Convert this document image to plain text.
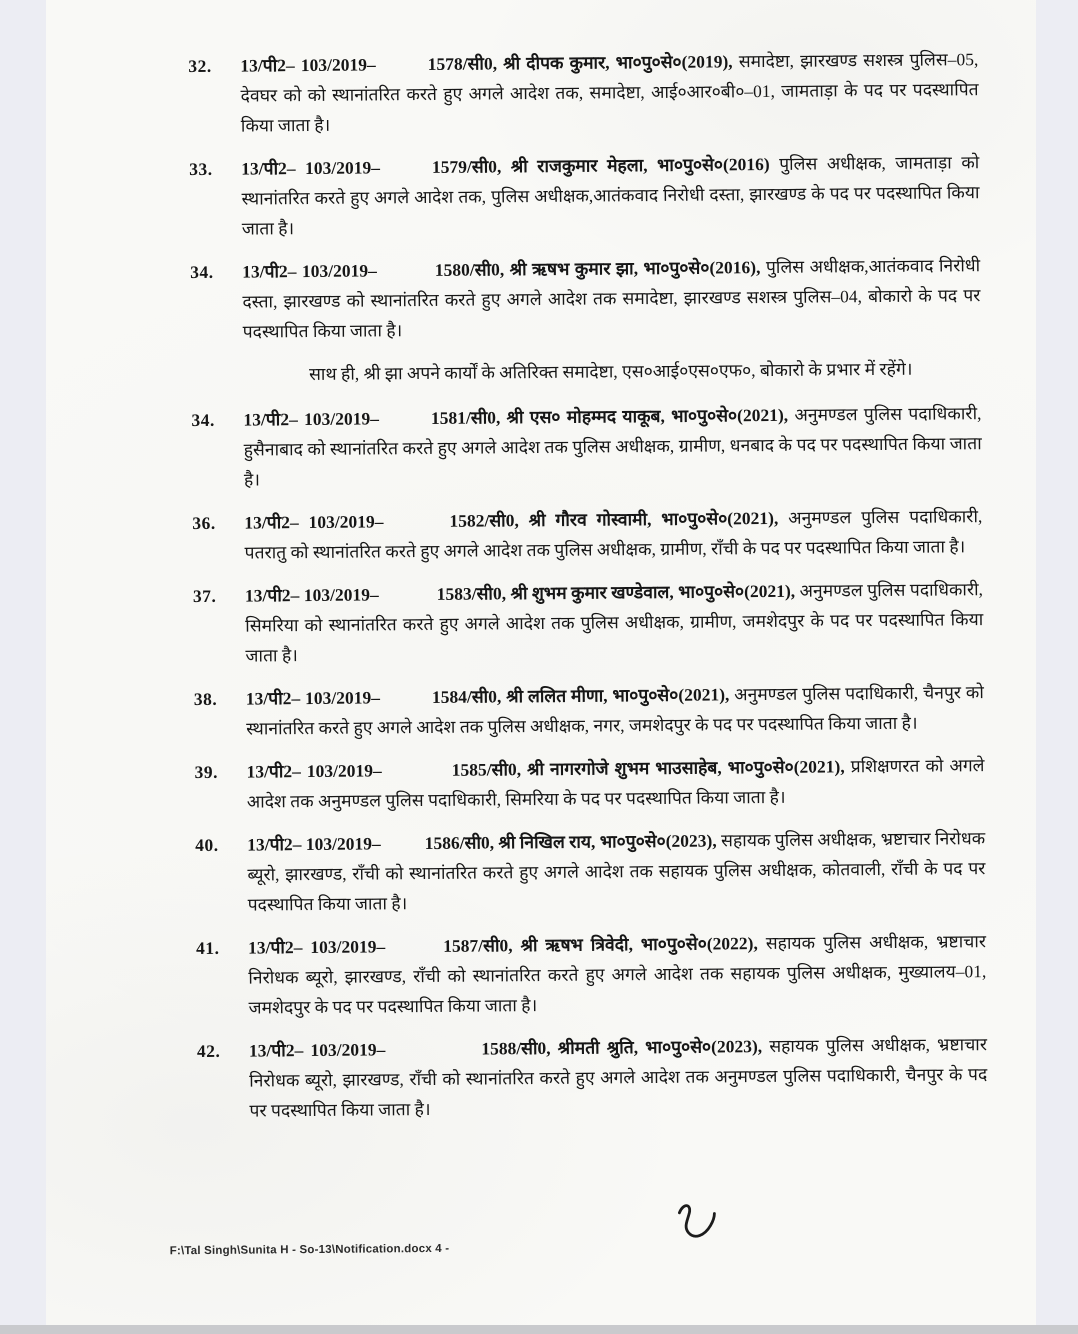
32.	13/पी2– 103/2019–	1578/सी0, श्री दीपक कुमार, भा०पु०से०(2019), समादेष्टा, झारखण्ड सशस्त्र पुलिस–05, देवघर को को स्थानांतरित करते हुए अगले आदेश तक, समादेष्टा, आई०आर०बी०–01, जामताड़ा के पद पर पदस्थापित किया जाता है।
33.	13/पी2– 103/2019–	1579/सी0, श्री राजकुमार मेहला, भा०पु०से०(2016) पुलिस अधीक्षक, जामताड़ा को स्थानांतरित करते हुए अगले आदेश तक, पुलिस अधीक्षक,आतंकवाद निरोधी दस्ता, झारखण्ड के पद पर पदस्थापित किया जाता है।
34.	13/पी2– 103/2019–	1580/सी0, श्री ऋषभ कुमार झा, भा०पु०से०(2016), पुलिस अधीक्षक,आतंकवाद निरोधी दस्ता, झारखण्ड को स्थानांतरित करते हुए अगले आदेश तक समादेष्टा, झारखण्ड सशस्त्र पुलिस–04, बोकारो के पद पर पदस्थापित किया जाता है।
साथ ही, श्री झा अपने कार्यों के अतिरिक्त समादेष्टा, एस०आई०एस०एफ०, बोकारो के प्रभार में रहेंगे।
34.	13/पी2– 103/2019–	1581/सी0, श्री एस० मोहम्मद याकूब, भा०पु०से०(2021), अनुमण्डल पुलिस पदाधिकारी, हुसैनाबाद को स्थानांतरित करते हुए अगले आदेश तक पुलिस अधीक्षक, ग्रामीण, धनबाद के पद पर पदस्थापित किया जाता है।
36.	13/पी2– 103/2019–	1582/सी0, श्री गौरव गोस्वामी, भा०पु०से०(2021), अनुमण्डल पुलिस पदाधिकारी, पतरातु को स्थानांतरित करते हुए अगले आदेश तक पुलिस अधीक्षक, ग्रामीण, राँची के पद पर पदस्थापित किया जाता है।
37.	13/पी2– 103/2019–	1583/सी0, श्री शुभम कुमार खण्डेवाल, भा०पु०से०(2021), अनुमण्डल पुलिस पदाधिकारी, सिमरिया को स्थानांतरित करते हुए अगले आदेश तक पुलिस अधीक्षक, ग्रामीण, जमशेदपुर के पद पर पदस्थापित किया जाता है।
38.	13/पी2– 103/2019–	1584/सी0, श्री ललित मीणा, भा०पु०से०(2021), अनुमण्डल पुलिस पदाधिकारी, चैनपुर को स्थानांतरित करते हुए अगले आदेश तक पुलिस अधीक्षक, नगर, जमशेदपुर के पद पर पदस्थापित किया जाता है।
39.	13/पी2– 103/2019–	1585/सी0, श्री नागरगोजे शुभम भाउसाहेब, भा०पु०से०(2021), प्रशिक्षणरत को अगले आदेश तक अनुमण्डल पुलिस पदाधिकारी, सिमरिया के पद पर पदस्थापित किया जाता है।
40.	13/पी2– 103/2019–	1586/सी0, श्री निखिल राय, भा०पु०से०(2023), सहायक पुलिस अधीक्षक, भ्रष्टाचार निरोधक ब्यूरो, झारखण्ड, राँची को स्थानांतरित करते हुए अगले आदेश तक सहायक पुलिस अधीक्षक, कोतवाली, राँची के पद पर पदस्थापित किया जाता है।
41.	13/पी2– 103/2019–	1587/सी0, श्री ऋषभ त्रिवेदी, भा०पु०से०(2022), सहायक पुलिस अधीक्षक, भ्रष्टाचार निरोधक ब्यूरो, झारखण्ड, राँची को स्थानांतरित करते हुए अगले आदेश तक सहायक पुलिस अधीक्षक, मुख्यालय–01, जमशेदपुर के पद पर पदस्थापित किया जाता है।
42.	13/पी2– 103/2019–	1588/सी0, श्रीमती श्रुति, भा०पु०से०(2023), सहायक पुलिस अधीक्षक, भ्रष्टाचार निरोधक ब्यूरो, झारखण्ड, राँची को स्थानांतरित करते हुए अगले आदेश तक अनुमण्डल पुलिस पदाधिकारी, चैनपुर के पद पर पदस्थापित किया जाता है।
F:\Tal Singh\Sunita H - So-13\Notification.docx 4 -
